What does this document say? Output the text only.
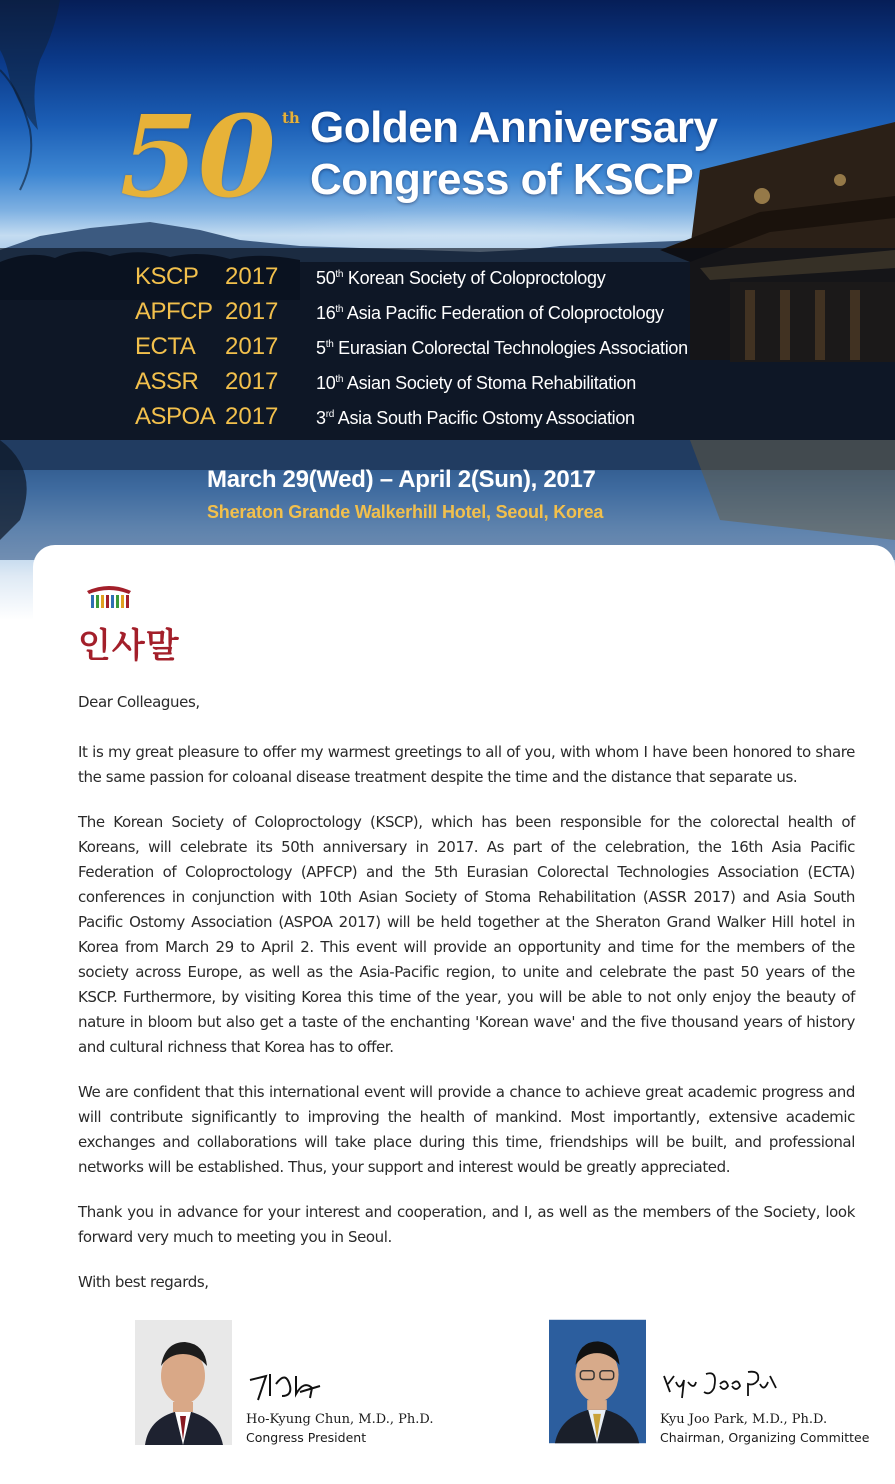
50 th Golden Anniversary
Congress of KSCP
KSCP 2017 50th Korean Society of Coloproctology
APFCP 2017 16th Asia Pacific Federation of Coloproctology
ECTA 2017 5th Eurasian Colorectal Technologies Association
ASSR 2017 10th Asian Society of Stoma Rehabilitation
ASPOA 2017 3rd Asia South Pacific Ostomy Association
March 29(Wed) – April 2(Sun), 2017
Sheraton Grande Walkerhill Hotel, Seoul, Korea
인사말

Dear Colleagues,

It is my great pleasure to offer my warmest greetings to all of you, with whom I have been honored to share the same passion for coloanal disease treatment despite the time and the distance that separate us.

The Korean Society of Coloproctology (KSCP), which has been responsible for the colorectal health of Koreans, will celebrate its 50th anniversary in 2017. As part of the celebration, the 16th Asia Pacific Federation of Coloproctology (APFCP) and the 5th Eurasian Colorectal Technologies Association (ECTA) conferences in conjunction with 10th Asian Society of Stoma Rehabilitation (ASSR 2017) and Asia South Pacific Ostomy Association (ASPOA 2017) will be held together at the Sheraton Grand Walker Hill hotel in Korea from March 29 to April 2. This event will provide an opportunity and time for the members of the society across Europe, as well as the Asia-Pacific region, to unite and celebrate the past 50 years of the KSCP. Furthermore, by visiting Korea this time of the year, you will be able to not only enjoy the beauty of nature in bloom but also get a taste of the enchanting 'Korean wave' and the five thousand years of history and cultural richness that Korea has to offer.

We are confident that this international event will provide a chance to achieve great academic progress and will contribute significantly to improving the health of mankind. Most importantly, extensive academic exchanges and collaborations will take place during this time, friendships will be built, and professional networks will be established. Thus, your support and interest would be greatly appreciated.

Thank you in advance for your interest and cooperation, and I, as well as the members of the Society, look forward very much to meeting you in Seoul.

With best regards,

Ho-Kyung Chun, M.D., Ph.D.
Congress President
Kyu Joo Park, M.D., Ph.D.
Chairman, Organizing Committee
